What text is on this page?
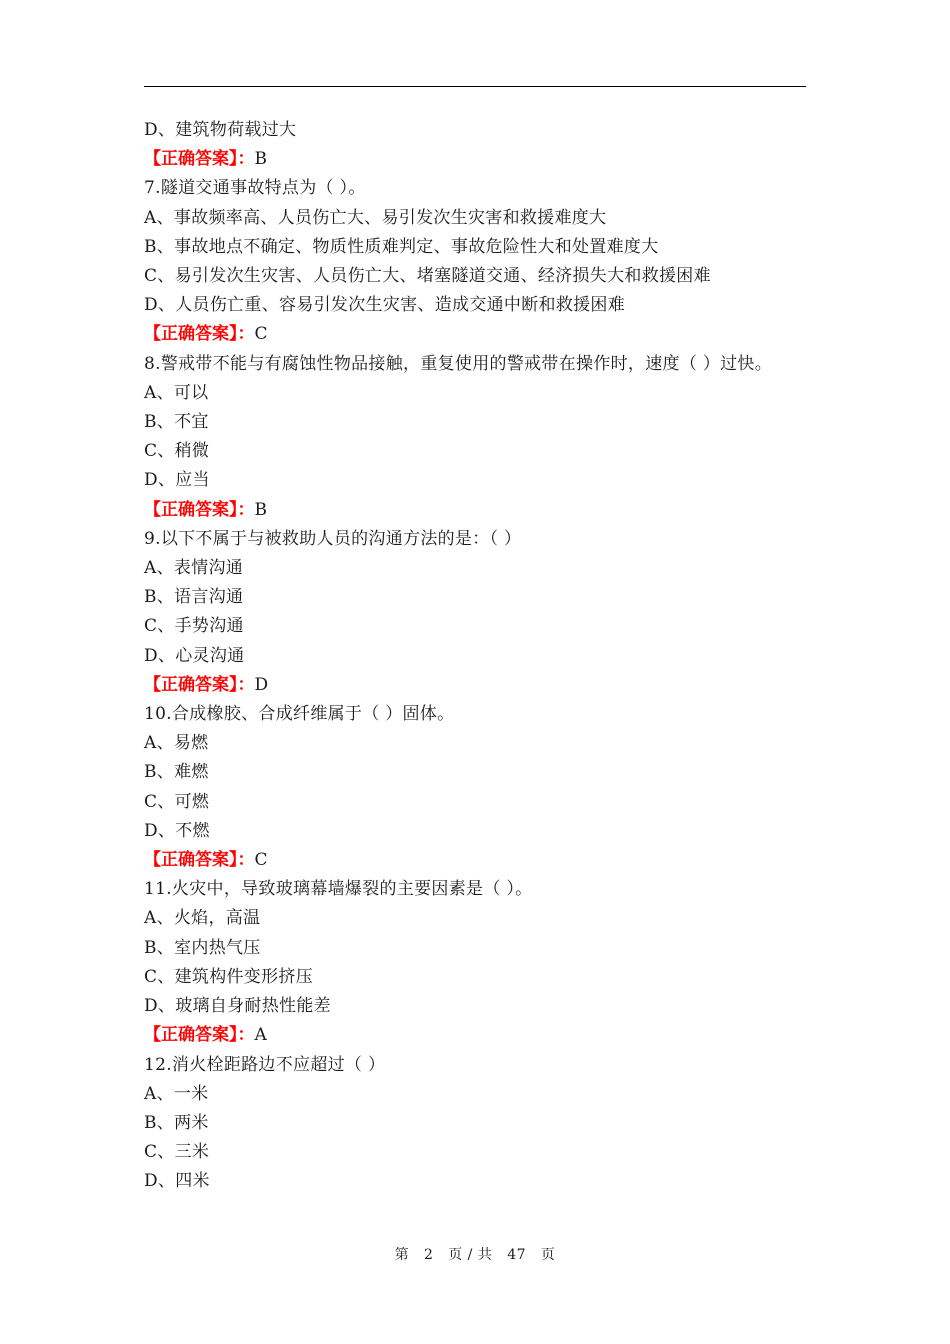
D、建筑物荷载过大
【正确答案】：B
7.隧道交通事故特点为（ ）。
A、事故频率高、人员伤亡大、易引发次生灾害和救援难度大
B、事故地点不确定、物质性质难判定、事故危险性大和处置难度大
C、易引发次生灾害、人员伤亡大、堵塞隧道交通、经济损失大和救援困难
D、人员伤亡重、容易引发次生灾害、造成交通中断和救援困难
【正确答案】：C
8.警戒带不能与有腐蚀性物品接触，重复使用的警戒带在操作时，速度（ ）过快。
A、可以
B、不宜
C、稍微
D、应当
【正确答案】：B
9.以下不属于与被救助人员的沟通方法的是：（ ）
A、表情沟通
B、语言沟通
C、手势沟通
D、心灵沟通
【正确答案】：D
10.合成橡胶、合成纤维属于（ ）固体。
A、易燃
B、难燃
C、可燃
D、不燃
【正确答案】：C
11.火灾中，导致玻璃幕墙爆裂的主要因素是（ ）。
A、火焰，高温
B、室内热气压
C、建筑构件变形挤压
D、玻璃自身耐热性能差
【正确答案】：A
12.消火栓距路边不应超过（ ）
A、一米
B、两米
C、三米
D、四米
第 2 页 / 共 47 页
